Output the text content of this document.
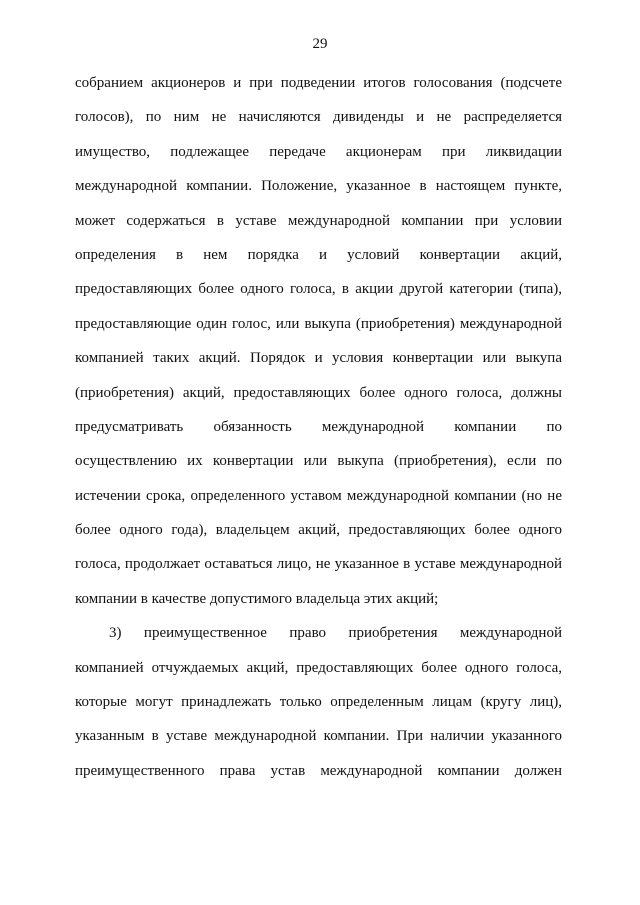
29
собранием акционеров и при подведении итогов голосования (подсчете
голосов), по ним не начисляются дивиденды и не распределяется
имущество, подлежащее передаче акционерам при ликвидации
международной компании. Положение, указанное в настоящем пункте,
может содержаться в уставе международной компании при условии
определения в нем порядка и условий конвертации акций,
предоставляющих более одного голоса, в акции другой категории (типа),
предоставляющие один голос, или выкупа (приобретения) международной
компанией таких акций. Порядок и условия конвертации или выкупа
(приобретения) акций, предоставляющих более одного голоса, должны
предусматривать обязанность международной компании по
осуществлению их конвертации или выкупа (приобретения), если по
истечении срока, определенного уставом международной компании (но не
более одного года), владельцем акций, предоставляющих более одного
голоса, продолжает оставаться лицо, не указанное в уставе международной
компании в качестве допустимого владельца этих акций;
3) преимущественное право приобретения международной
компанией отчуждаемых акций, предоставляющих более одного голоса,
которые могут принадлежать только определенным лицам (кругу лиц),
указанным в уставе международной компании. При наличии указанного
преимущественного права устав международной компании должен
